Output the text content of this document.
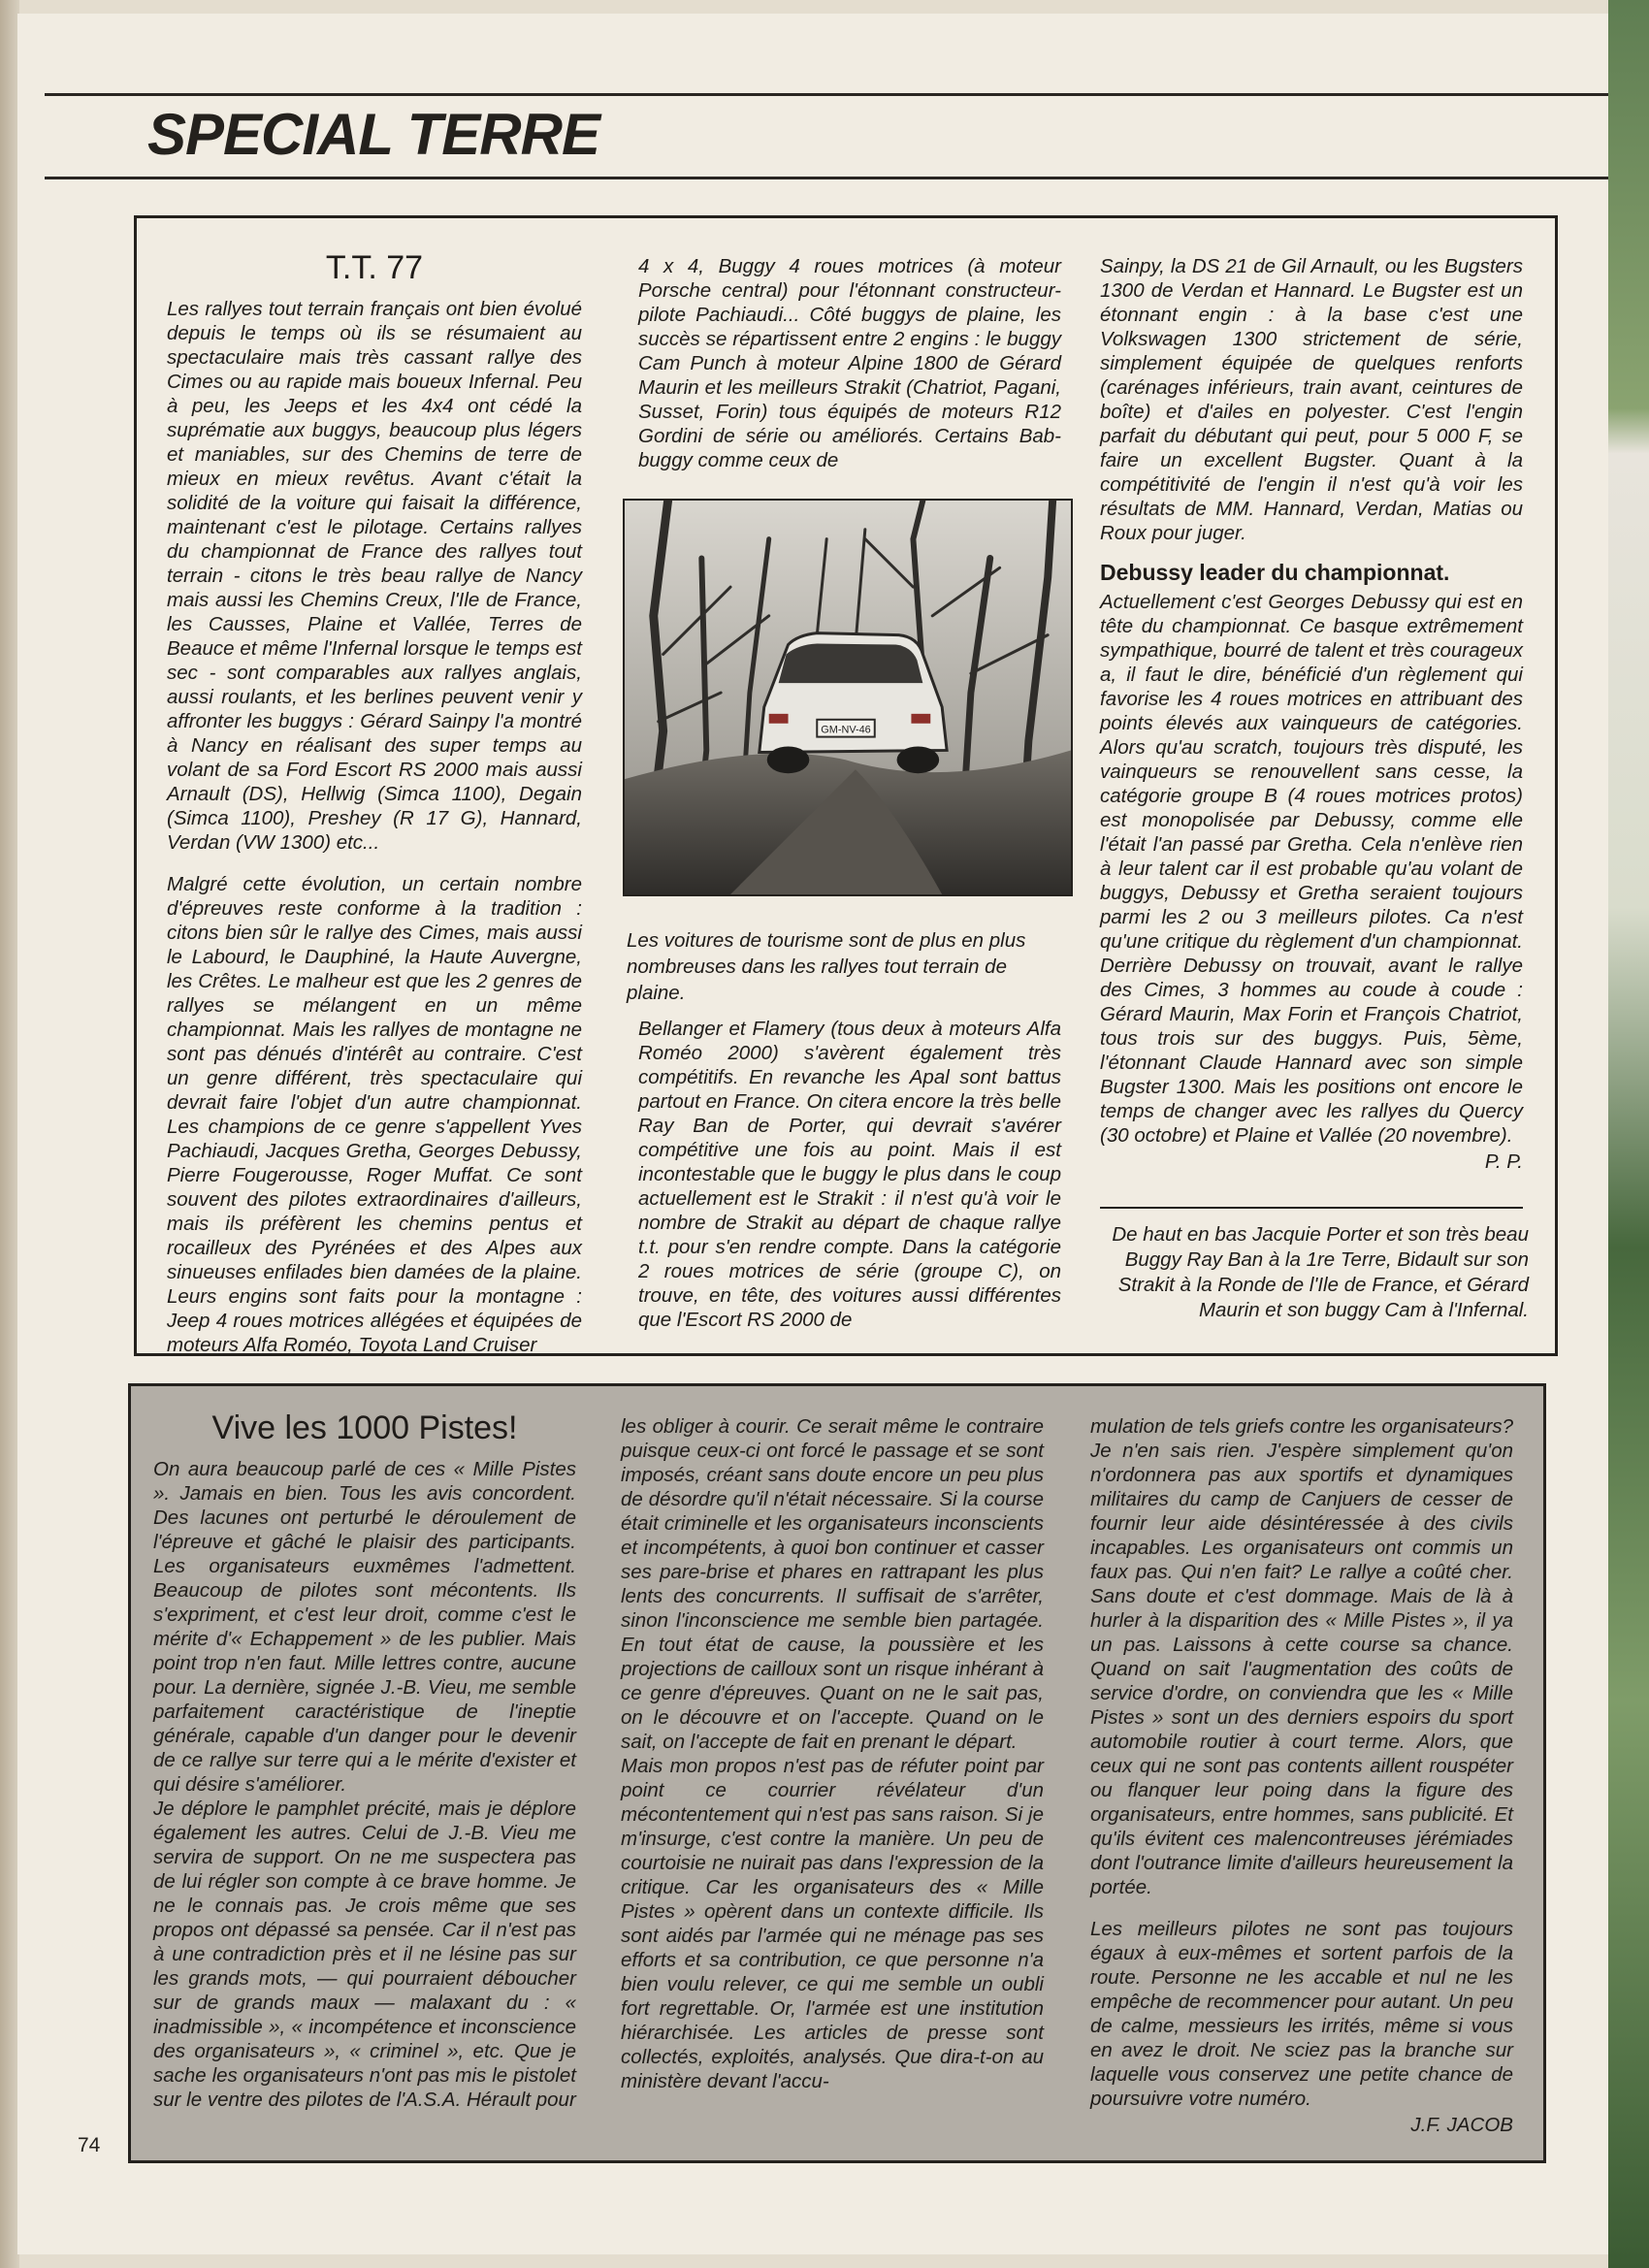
SPECIAL TERRE
T.T. 77

Les rallyes tout terrain français ont bien évolué depuis le temps où ils se résumaient au spectaculaire mais très cassant rallye des Cimes ou au rapide mais boueux Infernal. Peu à peu, les Jeeps et les 4x4 ont cédé la suprématie aux buggys, beaucoup plus légers et maniables, sur des Chemins de terre de mieux en mieux revêtus. Avant c'était la solidité de la voiture qui faisait la différence, maintenant c'est le pilotage. Certains rallyes du championnat de France des rallyes tout terrain - citons le très beau rallye de Nancy mais aussi les Chemins Creux, l'Ile de France, les Causses, Plaine et Vallée, Terres de Beauce et même l'Infernal lorsque le temps est sec - sont comparables aux rallyes anglais, aussi roulants, et les berlines peuvent venir y affronter les buggys : Gérard Sainpy l'a montré à Nancy en réalisant des super temps au volant de sa Ford Escort RS 2000 mais aussi Arnault (DS), Hellwig (Simca 1100), Degain (Simca 1100), Preshey (R 17 G), Hannard, Verdan (VW 1300) etc...

Malgré cette évolution, un certain nombre d'épreuves reste conforme à la tradition : citons bien sûr le rallye des Cimes, mais aussi le Labourd, le Dauphiné, la Haute Auvergne, les Crêtes. Le malheur est que les 2 genres de rallyes se mélangent en un même championnat. Mais les rallyes de montagne ne sont pas dénués d'intérêt au contraire. C'est un genre différent, très spectaculaire qui devrait faire l'objet d'un autre championnat. Les champions de ce genre s'appellent Yves Pachiaudi, Jacques Gretha, Georges Debussy, Pierre Fougerousse, Roger Muffat. Ce sont souvent des pilotes extraordinaires d'ailleurs, mais ils préfèrent les chemins pentus et rocailleux des Pyrénées et des Alpes aux sinueuses enfilades bien damées de la plaine. Leurs engins sont faits pour la montagne : Jeep 4 roues motrices allégées et équipées de moteurs Alfa Roméo, Toyota Land Cruiser

4 x 4, Buggy 4 roues motrices (à moteur Porsche central) pour l'étonnant constructeur-pilote Pachiaudi... Côté buggys de plaine, les succès se répartissent entre 2 engins : le buggy Cam Punch à moteur Alpine 1800 de Gérard Maurin et les meilleurs Strakit (Chatriot, Pagani, Susset, Forin) tous équipés de moteurs R12 Gordini de série ou améliorés. Certains Bab-buggy comme ceux de

GM-NV-46
Les voitures de tourisme sont de plus en plus nombreuses dans les rallyes tout terrain de plaine.

Bellanger et Flamery (tous deux à moteurs Alfa Roméo 2000) s'avèrent également très compétitifs. En revanche les Apal sont battus partout en France. On citera encore la très belle Ray Ban de Porter, qui devrait s'avérer compétitive une fois au point. Mais il est incontestable que le buggy le plus dans le coup actuellement est le Strakit : il n'est qu'à voir le nombre de Strakit au départ de chaque rallye t.t. pour s'en rendre compte. Dans la catégorie 2 roues motrices de série (groupe C), on trouve, en tête, des voitures aussi différentes que l'Escort RS 2000 de

Sainpy, la DS 21 de Gil Arnault, ou les Bugsters 1300 de Verdan et Hannard. Le Bugster est un étonnant engin : à la base c'est une Volkswagen 1300 strictement de série, simplement équipée de quelques renforts (carénages inférieurs, train avant, ceintures de boîte) et d'ailes en polyester. C'est l'engin parfait du débutant qui peut, pour 5 000 F, se faire un excellent Bugster. Quant à la compétitivité de l'engin il n'est qu'à voir les résultats de MM. Hannard, Verdan, Matias ou Roux pour juger.

Debussy leader du championnat.

Actuellement c'est Georges Debussy qui est en tête du championnat. Ce basque extrêmement sympathique, bourré de talent et très courageux a, il faut le dire, bénéficié d'un règlement qui favorise les 4 roues motrices en attribuant des points élevés aux vainqueurs de catégories. Alors qu'au scratch, toujours très disputé, les vainqueurs se renouvellent sans cesse, la catégorie groupe B (4 roues motrices protos) est monopolisée par Debussy, comme elle l'était l'an passé par Gretha. Cela n'enlève rien à leur talent car il est probable qu'au volant de buggys, Debussy et Gretha seraient toujours parmi les 2 ou 3 meilleurs pilotes. Ca n'est qu'une critique du règlement d'un championnat. Derrière Debussy on trouvait, avant le rallye des Cimes, 3 hommes au coude à coude : Gérard Maurin, Max Forin et François Chatriot, tous trois sur des buggys. Puis, 5ème, l'étonnant Claude Hannard avec son simple Bugster 1300. Mais les positions ont encore le temps de changer avec les rallyes du Quercy (30 octobre) et Plaine et Vallée (20 novembre).

P. P.
De haut en bas Jacquie Porter et son très beau Buggy Ray Ban à la 1re Terre, Bidault sur son Strakit à la Ronde de l'Ile de France, et Gérard Maurin et son buggy Cam à l'Infernal.
Vive les 1000 Pistes!

On aura beaucoup parlé de ces « Mille Pistes ». Jamais en bien. Tous les avis concordent. Des lacunes ont perturbé le déroulement de l'épreuve et gâché le plaisir des participants. Les organisateurs euxmêmes l'admettent. Beaucoup de pilotes sont mécontents. Ils s'expriment, et c'est leur droit, comme c'est le mérite d'« Echappement » de les publier. Mais point trop n'en faut. Mille lettres contre, aucune pour. La dernière, signée J.-B. Vieu, me semble parfaitement caractéristique de l'ineptie générale, capable d'un danger pour le devenir de ce rallye sur terre qui a le mérite d'exister et qui désire s'améliorer.

Je déplore le pamphlet précité, mais je déplore également les autres. Celui de J.-B. Vieu me servira de support. On ne me suspectera pas de lui régler son compte à ce brave homme. Je ne le connais pas. Je crois même que ses propos ont dépassé sa pensée. Car il n'est pas à une contradiction près et il ne lésine pas sur les grands mots, — qui pourraient déboucher sur de grands maux — malaxant du : « inadmissible », « incompétence et inconscience des organisateurs », « criminel », etc. Que je sache les organisateurs n'ont pas mis le pistolet sur le ventre des pilotes de l'A.S.A. Hérault pour

les obliger à courir. Ce serait même le contraire puisque ceux-ci ont forcé le passage et se sont imposés, créant sans doute encore un peu plus de désordre qu'il n'était nécessaire. Si la course était criminelle et les organisateurs inconscients et incompétents, à quoi bon continuer et casser ses pare-brise et phares en rattrapant les plus lents des concurrents. Il suffisait de s'arrêter, sinon l'inconscience me semble bien partagée. En tout état de cause, la poussière et les projections de cailloux sont un risque inhérant à ce genre d'épreuves. Quant on ne le sait pas, on le découvre et on l'accepte. Quand on le sait, on l'accepte de fait en prenant le départ.

Mais mon propos n'est pas de réfuter point par point ce courrier révélateur d'un mécontentement qui n'est pas sans raison. Si je m'insurge, c'est contre la manière. Un peu de courtoisie ne nuirait pas dans l'expression de la critique. Car les organisateurs des « Mille Pistes » opèrent dans un contexte difficile. Ils sont aidés par l'armée qui ne ménage pas ses efforts et sa contribution, ce que personne n'a bien voulu relever, ce qui me semble un oubli fort regrettable. Or, l'armée est une institution hiérarchisée. Les articles de presse sont collectés, exploités, analysés. Que dira-t-on au ministère devant l'accu-

mulation de tels griefs contre les organisateurs? Je n'en sais rien. J'espère simplement qu'on n'ordonnera pas aux sportifs et dynamiques militaires du camp de Canjuers de cesser de fournir leur aide désintéressée à des civils incapables. Les organisateurs ont commis un faux pas. Qui n'en fait? Le rallye a coûté cher. Sans doute et c'est dommage. Mais de là à hurler à la disparition des « Mille Pistes », il ya un pas. Laissons à cette course sa chance. Quand on sait l'augmentation des coûts de service d'ordre, on conviendra que les « Mille Pistes » sont un des derniers espoirs du sport automobile routier à court terme. Alors, que ceux qui ne sont pas contents aillent rouspéter ou flanquer leur poing dans la figure des organisateurs, entre hommes, sans publicité. Et qu'ils évitent ces malencontreuses jérémiades dont l'outrance limite d'ailleurs heureusement la portée.

Les meilleurs pilotes ne sont pas toujours égaux à eux-mêmes et sortent parfois de la route. Personne ne les accable et nul ne les empêche de recommencer pour autant. Un peu de calme, messieurs les irrités, même si vous en avez le droit. Ne sciez pas la branche sur laquelle vous conservez une petite chance de poursuivre votre numéro.

J.F. JACOB
74
